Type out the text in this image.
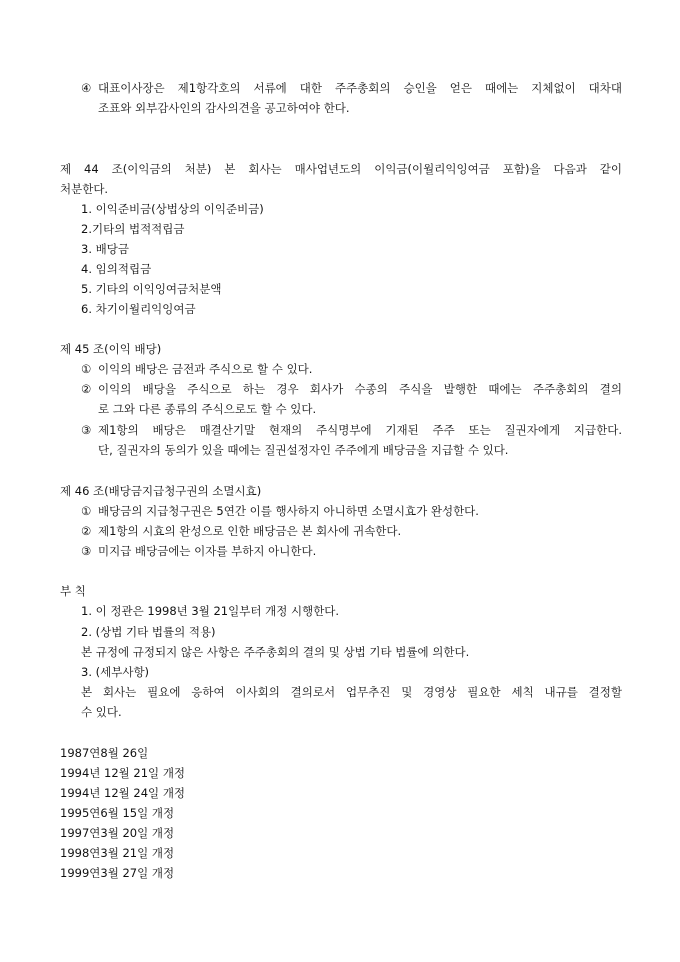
④ 대표이사장은 제1항각호의 서류에 대한 주주총회의 승인을 얻은 때에는 지체없이 대차대
조표와 외부감사인의 감사의견을 공고하여야 한다.
제 44 조(이익금의 처분) 본 회사는 매사업년도의 이익금(이월리익잉여금 포함)을 다음과 같이
처분한다.
1. 이익준비금(상법상의 이익준비금)
2.기타의 법적적립금
3. 배당금
4. 임의적립금
5. 기타의 이익잉여금처분액
6. 차기이월리익잉여금
제 45 조(이익 배당)
① 이익의 배당은 금전과 주식으로 할 수 있다.
② 이익의 배당을 주식으로 하는 경우 회사가 수종의 주식을 발행한 때에는 주주총회의 결의
로 그와 다른 종류의 주식으로도 할 수 있다.
③ 제1항의 배당은 매결산기말 현재의 주식명부에 기재된 주주 또는 질권자에게 지급한다.
단, 질권자의 동의가 있을 때에는 질권설정자인 주주에게 배당금을 지급할 수 있다.
제 46 조(배당금지급청구권의 소멸시효)
① 배당금의 지급청구권은 5연간 이를 행사하지 아니하면 소멸시효가 완성한다.
② 제1항의 시효의 완성으로 인한 배당금은 본 회사에 귀속한다.
③ 미지급 배당금에는 이자를 부하지 아니한다.
부 칙
1. 이 정관은 1998년 3월 21일부터 개정 시행한다.
2. (상법 기타 법률의 적용)
본 규정에 규정되지 않은 사항은 주주총회의 결의 및 상법 기타 법률에 의한다.
3. (세부사항)
본 회사는 필요에 응하여 이사회의 결의로서 업무추진 및 경영상 필요한 세칙 내규를 결정할
수 있다.
1987연8월 26일
1994년 12월 21일 개정
1994년 12월 24일 개정
1995연6월 15일 개정
1997연3월 20일 개정
1998연3월 21일 개정
1999연3월 27일 개정
